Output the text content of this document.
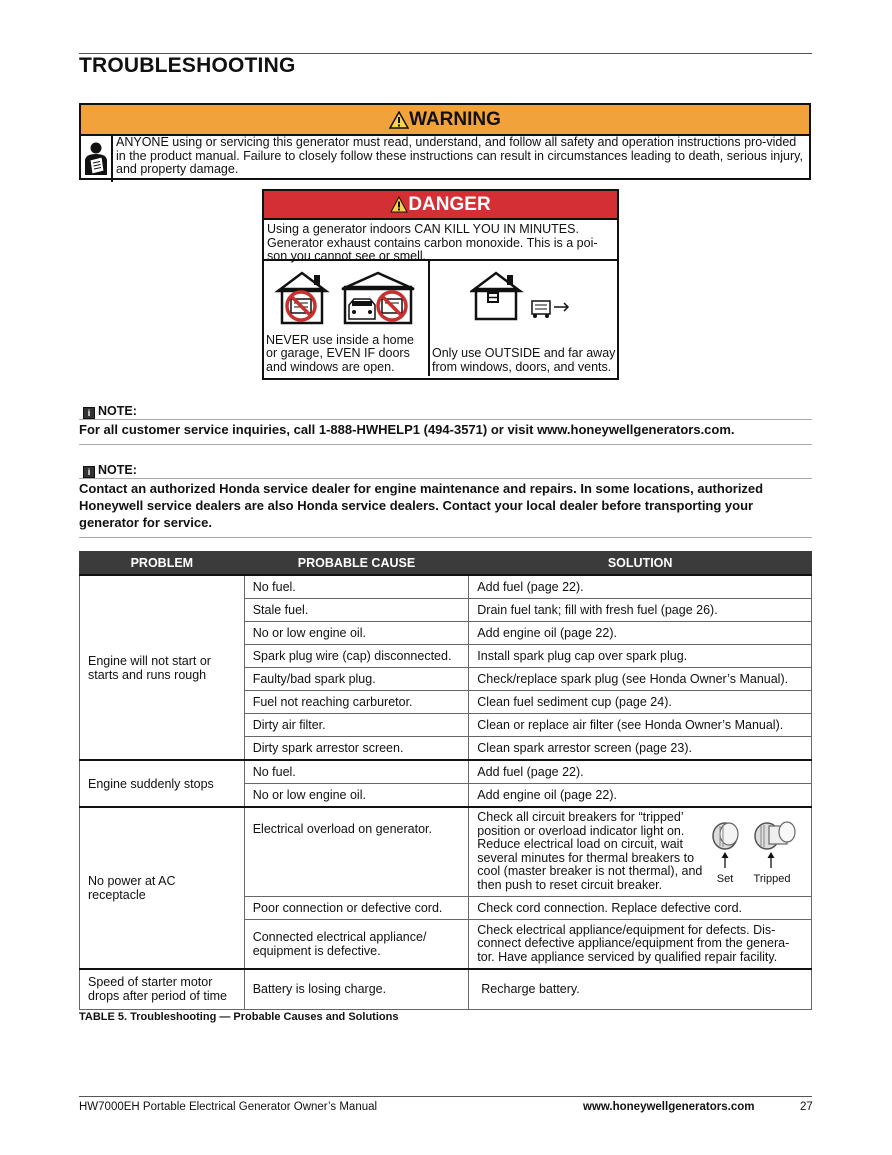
TROUBLESHOOTING
WARNING
ANYONE using or servicing this generator must read, understand, and follow all safety and operation instructions pro-vided in the product manual. Failure to closely follow these instructions can result in circumstances leading to death, serious injury, and property damage.
DANGER
Using a generator indoors CAN KILL YOU IN MINUTES. Generator exhaust contains carbon monoxide. This is a poi-son you cannot see or smell.
NEVER use inside a home or garage, EVEN IF doors and windows are open.
Only use OUTSIDE and far away from windows, doors, and vents.
i NOTE:
For all customer service inquiries, call 1-888-HWHELP1 (494-3571) or visit www.honeywellgenerators.com.
i NOTE:
Contact an authorized Honda service dealer for engine maintenance and repairs. In some locations, authorized Honeywell service dealers are also Honda service dealers. Contact your local dealer before transporting your generator for service.
PROBLEM	PROBABLE CAUSE	SOLUTION
Engine will not start or starts and runs rough	No fuel.	Add fuel (page 22).
	Stale fuel.	Drain fuel tank; fill with fresh fuel (page 26).
	No or low engine oil.	Add engine oil (page 22).
	Spark plug wire (cap) disconnected.	Install spark plug cap over spark plug.
	Faulty/bad spark plug.	Check/replace spark plug (see Honda Owner’s Manual).
	Fuel not reaching carburetor.	Clean fuel sediment cup (page 24).
	Dirty air filter.	Clean or replace air filter (see Honda Owner’s Manual).
	Dirty spark arrestor screen.	Clean spark arrestor screen (page 23).
Engine suddenly stops	No fuel.	Add fuel (page 22).
	No or low engine oil.	Add engine oil (page 22).
No power at AC receptacle	Electrical overload on generator.	Check all circuit breakers for “tripped’ position or overload indicator light on. Reduce electrical load on circuit, wait several minutes for thermal breakers to cool (master breaker is not thermal), and then push to reset circuit breaker. Set Tripped

	Poor connection or defective cord.	Check cord connection. Replace defective cord.
	Connected electrical appliance/ equipment is defective.	Check electrical appliance/equipment for defects. Dis-connect defective appliance/equipment from the genera-tor. Have appliance serviced by qualified repair facility.
Speed of starter motor drops after period of time	Battery is losing charge.	Recharge battery.
TABLE 5. Troubleshooting — Probable Causes and Solutions
HW7000EH Portable Electrical Generator Owner’s Manual	www.honeywellgenerators.com	27
